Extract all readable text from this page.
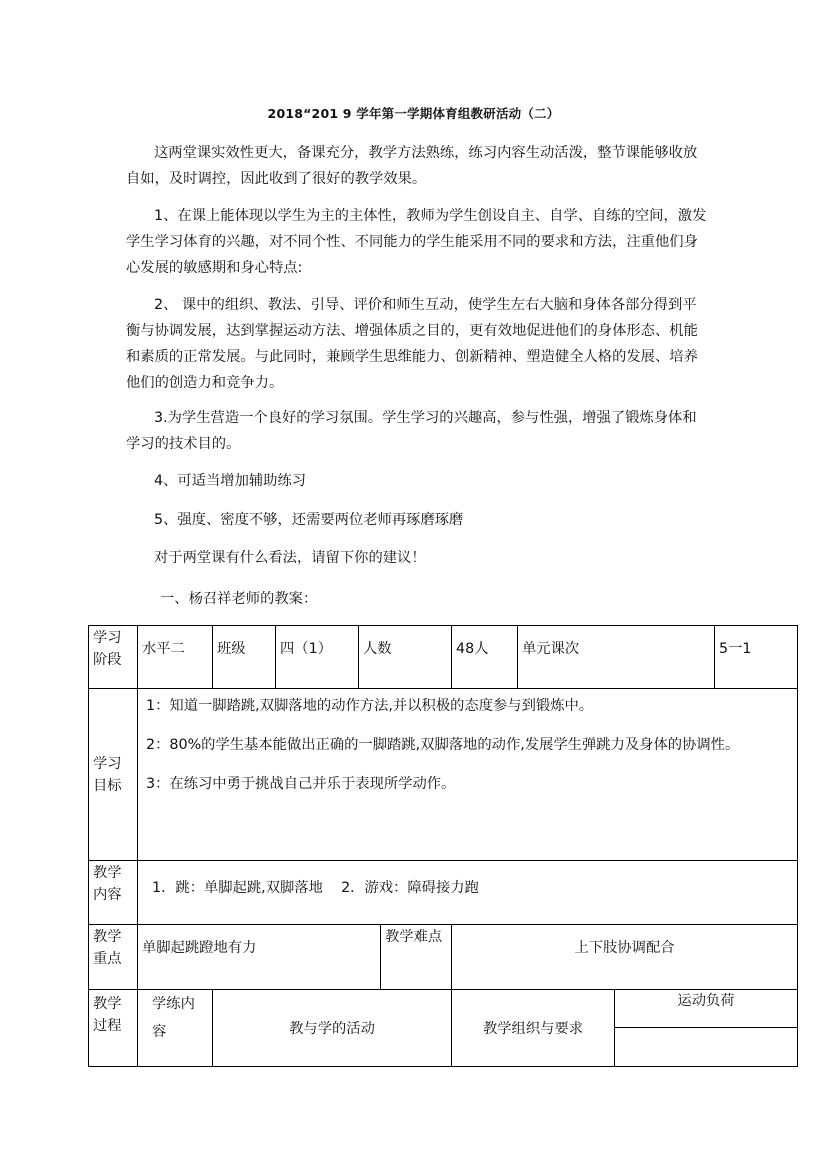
2018“201 9 学年第一学期体育组教研活动（二）

这两堂课实效性更大，备课充分，教学方法熟练，练习内容生动活泼，整节课能够收放自如，及时调控，因此收到了很好的教学效果。

1、在课上能体现以学生为主的主体性，教师为学生创设自主、自学、自练的空间，激发学生学习体育的兴趣，对不同个性、不同能力的学生能采用不同的要求和方法，注重他们身心发展的敏感期和身心特点:

2、 课中的组织、教法、引导、评价和师生互动，使学生左右大脑和身体各部分得到平衡与协调发展，达到掌握运动方法、增强体质之目的，更有效地促进他们的身体形态、机能和素质的正常发展。与此同时，兼顾学生思维能力、创新精神、塑造健全人格的发展、培养他们的创造力和竞争力。

3.为学生营造一个良好的学习氛围。学生学习的兴趣高，参与性强，增强了锻炼身体和学习的技术目的。

4、可适当增加辅助练习

5、强度、密度不够，还需要两位老师再琢磨琢磨

对于两堂课有什么看法，请留下你的建议！

一、杨召祥老师的教案：

学习阶段	水平二	班级	四（1）	人数		48人	单元课次		5一1
学习目标	1：知道一脚踏跳,双脚落地的动作方法,并以积极的态度参与到锻炼中。

2：80%的学生基本能做出正确的一脚踏跳,双脚落地的动作,发展学生弹跳力及身体的协调性。

3：在练习中勇于挑战自己并乐于表现所学动作。								

教学内容	1．跳：单脚起跳,双脚落地    2．游戏：障碍接力跑								
教学重点	单脚起跳蹬地有力				教学难点	上下肢协调配合			
教学过程	学练内容	教与学的活动				教学组织与要求		运动负荷	
